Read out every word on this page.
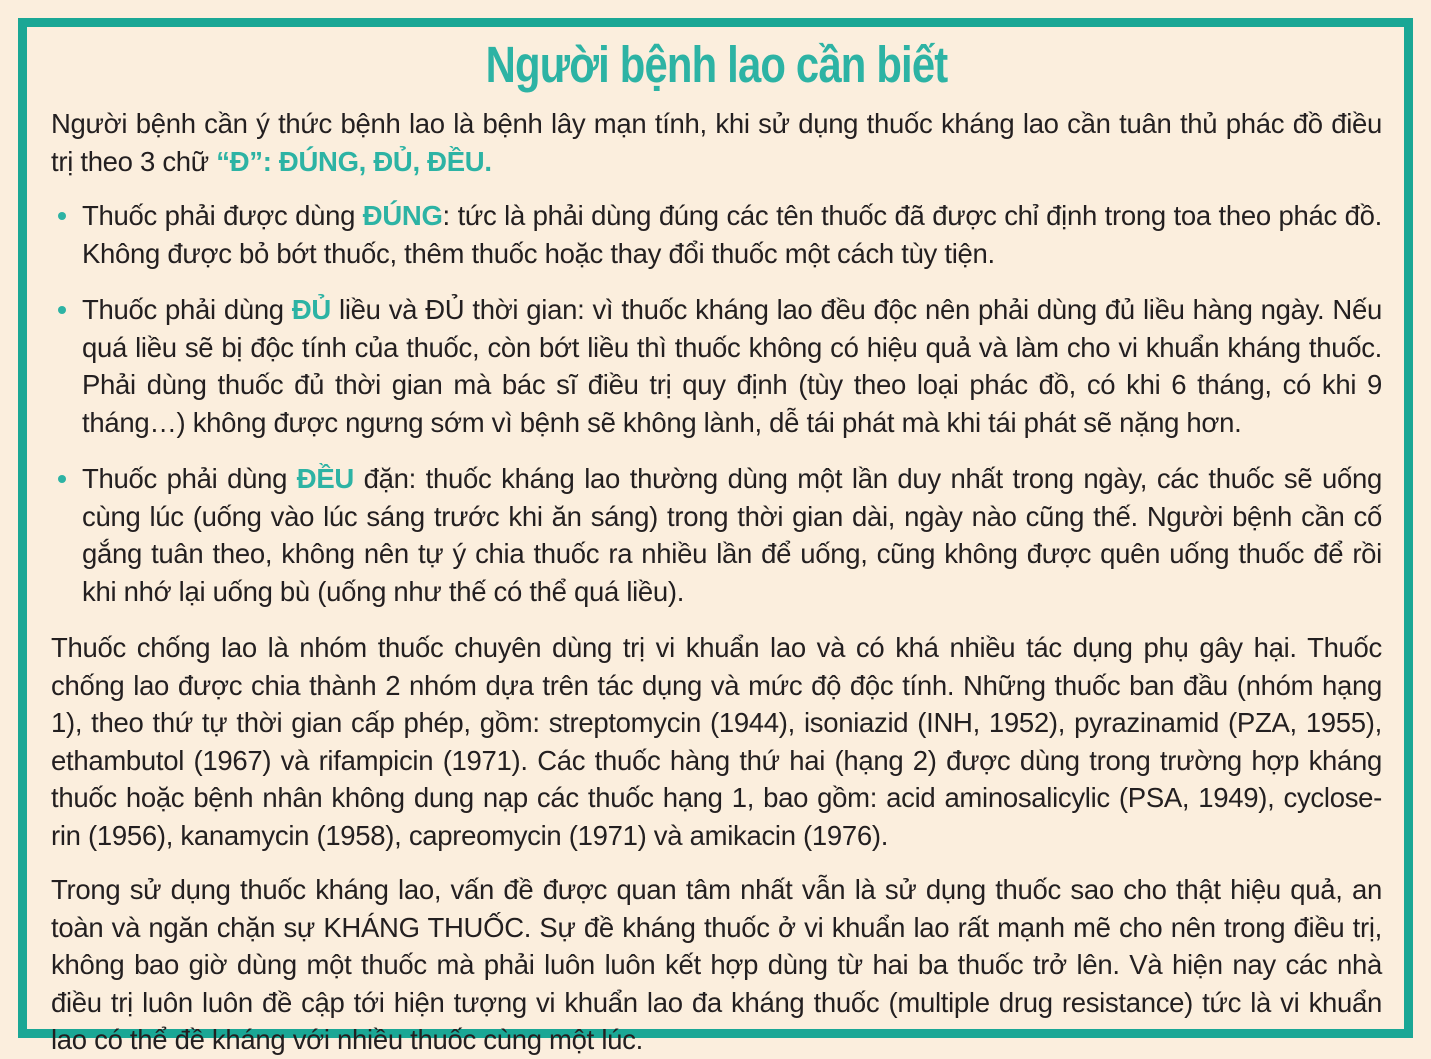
Người bệnh lao cần biết

Người bệnh cần ý thức bệnh lao là bệnh lây mạn tính, khi sử dụng thuốc kháng lao cần tuân thủ phác đồ điều trị theo 3 chữ “Đ”: ĐÚNG, ĐỦ, ĐỀU.

Thuốc phải được dùng ĐÚNG: tức là phải dùng đúng các tên thuốc đã được chỉ định trong toa theo phác đồ. Không được bỏ bớt thuốc, thêm thuốc hoặc thay đổi thuốc một cách tùy tiện.
Thuốc phải dùng ĐỦ liều và ĐỦ thời gian: vì thuốc kháng lao đều độc nên phải dùng đủ liều hàng ngày. Nếu quá liều sẽ bị độc tính của thuốc, còn bớt liều thì thuốc không có hiệu quả và làm cho vi khuẩn kháng thuốc. Phải dùng thuốc đủ thời gian mà bác sĩ điều trị quy định (tùy theo loại phác đồ, có khi 6 tháng, có khi 9 tháng…) không được ngưng sớm vì bệnh sẽ không lành, dễ tái phát mà khi tái phát sẽ nặng hơn.
Thuốc phải dùng ĐỀU đặn: thuốc kháng lao thường dùng một lần duy nhất trong ngày, các thuốc sẽ uống cùng lúc (uống vào lúc sáng trước khi ăn sáng) trong thời gian dài, ngày nào cũng thế. Người bệnh cần cố gắng tuân theo, không nên tự ý chia thuốc ra nhiều lần để uống, cũng không được quên uống thuốc để rồi khi nhớ lại uống bù (uống như thế có thể quá liều).

Thuốc chống lao là nhóm thuốc chuyên dùng trị vi khuẩn lao và có khá nhiều tác dụng phụ gây hại. Thuốc chống lao được chia thành 2 nhóm dựa trên tác dụng và mức độ độc tính. Những thuốc ban đầu (nhóm hạng 1), theo thứ tự thời gian cấp phép, gồm: streptomycin (1944), isoniazid (INH, 1952), pyrazinamid (PZA, 1955), ethambutol (1967) và rifampicin (1971). Các thuốc hàng thứ hai (hạng 2) được dùng trong trường hợp kháng thuốc hoặc bệnh nhân không dung nạp các thuốc hạng 1, bao gồm: acid aminosalicylic (PSA, 1949), cyclose-rin (1956), kanamycin (1958), capreomycin (1971) và amikacin (1976).

Trong sử dụng thuốc kháng lao, vấn đề được quan tâm nhất vẫn là sử dụng thuốc sao cho thật hiệu quả, an toàn và ngăn chặn sự KHÁNG THUỐC. Sự đề kháng thuốc ở vi khuẩn lao rất mạnh mẽ cho nên trong điều trị, không bao giờ dùng một thuốc mà phải luôn luôn kết hợp dùng từ hai ba thuốc trở lên. Và hiện nay các nhà điều trị luôn luôn đề cập tới hiện tượng vi khuẩn lao đa kháng thuốc (multiple drug resistance) tức là vi khuẩn lao có thể đề kháng với nhiều thuốc cùng một lúc.
